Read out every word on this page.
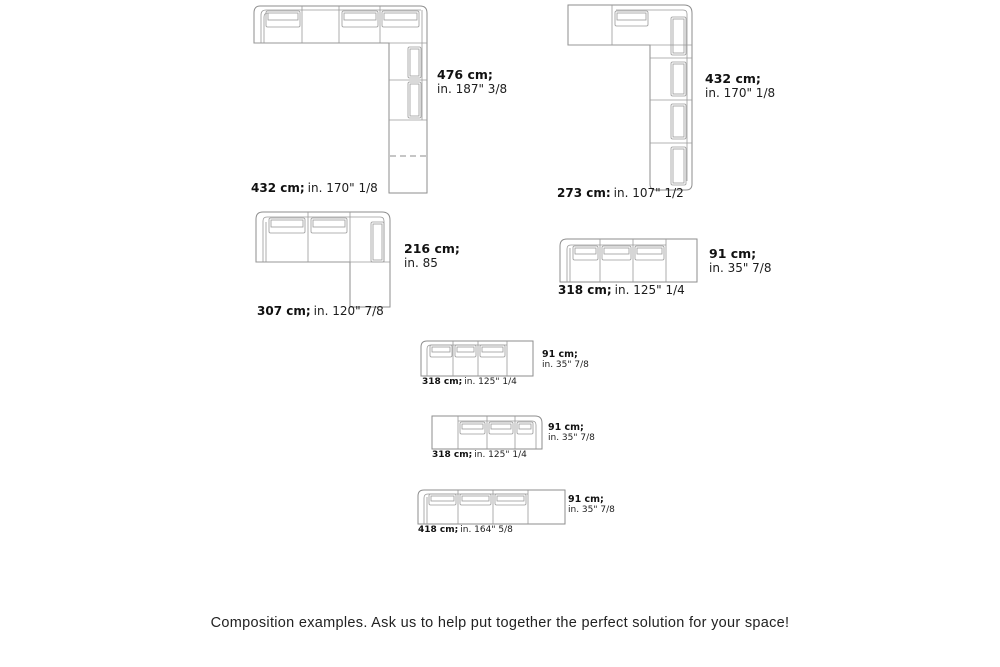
476 cm;
in. 187" 3/8
432 cm; in. 170" 1/8
432 cm;
in. 170" 1/8
273 cm: in. 107" 1/2
216 cm;
in. 85
307 cm; in. 120" 7/8
91 cm;
in. 35" 7/8
318 cm; in. 125" 1/4
91 cm;
in. 35" 7/8
318 cm; in. 125" 1/4
91 cm;
in. 35" 7/8
318 cm; in. 125" 1/4
91 cm;
in. 35" 7/8
418 cm; in. 164" 5/8
Composition examples. Ask us to help put together the perfect solution for your space!
